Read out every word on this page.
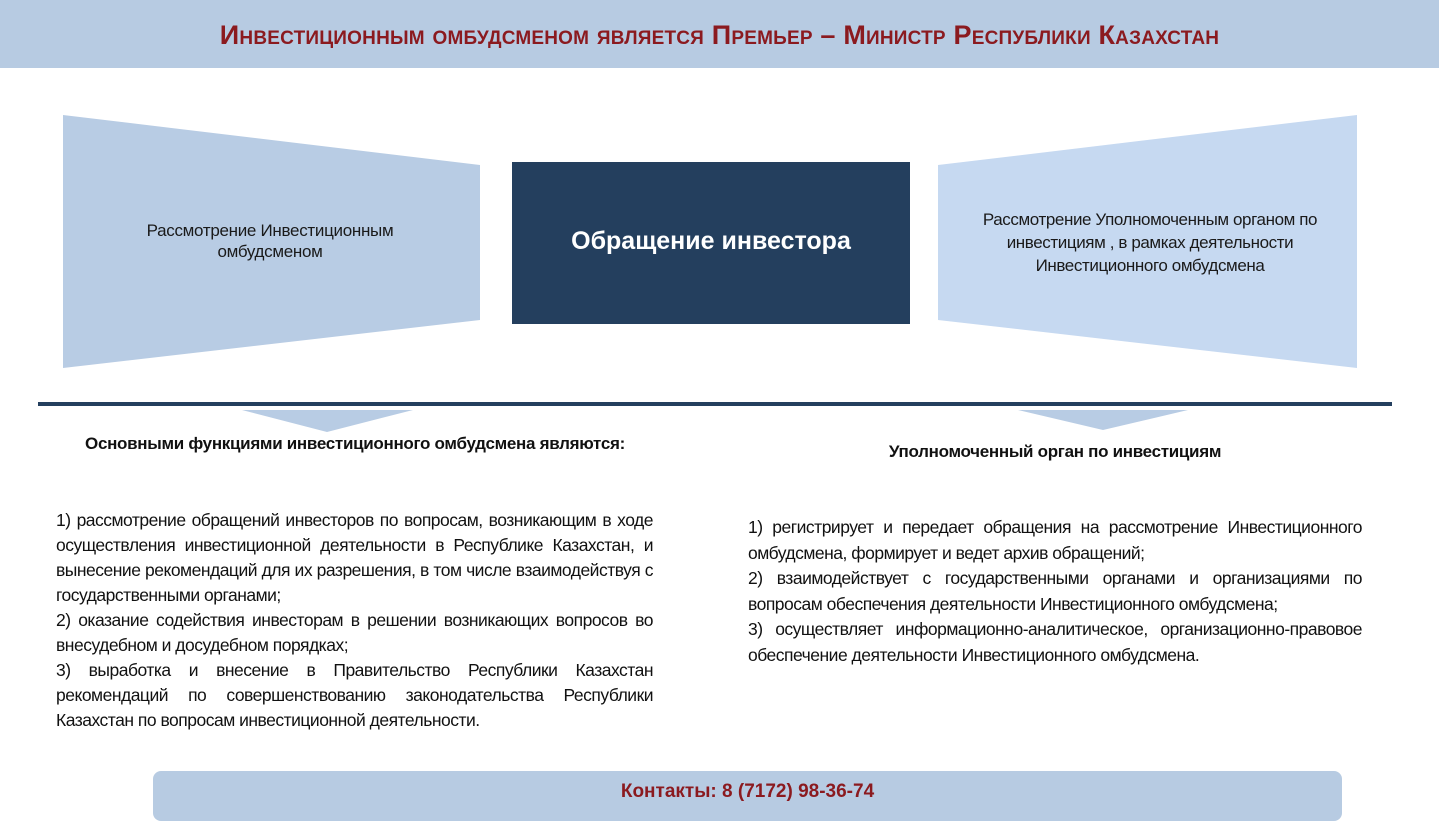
Инвестиционным омбудсменом является Премьер – Министр Республики Казахстан
Рассмотрение Инвестиционным омбудсменом	Обращение инвестора
Рассмотрение Уполномоченным органом по инвестициям , в рамках деятельности Инвестиционного омбудсмена
Основными функциями инвестиционного омбудсмена являются:

1) рассмотрение обращений инвесторов по вопросам, возникающим в ходе осуществления инвестиционной деятельности в Республике Казахстан, и вынесение рекомендаций для их разрешения, в том числе взаимодействуя с государственными органами;

2) оказание содействия инвесторам в решении возникающих вопросов во внесудебном и досудебном порядках;

3) выработка и внесение в Правительство Республики Казахстан рекомендаций по совершенствованию законодательства Республики Казахстан по вопросам инвестиционной деятельности.

Уполномоченный орган по инвестициям

1) регистрирует и передает обращения на рассмотрение Инвестиционного омбудсмена, формирует и ведет архив обращений;

2) взаимодействует с государственными органами и организациями по вопросам обеспечения деятельности Инвестиционного омбудсмена;

3) осуществляет информационно-аналитическое, организационно-правовое обеспечение деятельности Инвестиционного омбудсмена.

Контакты: 8 (7172) 98-36-74
